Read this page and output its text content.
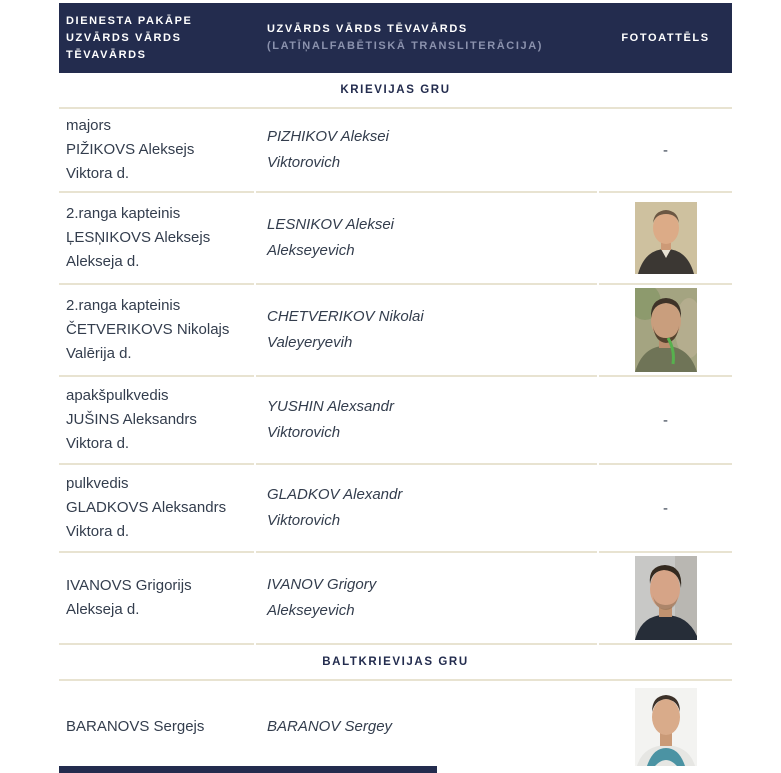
DIENESTA PAKĀPE
UZVĀRDS VĀRDS
TĒVAVĀRDS
UZVĀRDS VĀRDS TĒVAVĀRDS
(LATĪŅALFABĒTISKĀ TRANSLITERĀCIJA)
FOTOATTĒLS
KRIEVIJAS GRU
majors
PIŽIKOVS Aleksejs
Viktora d.
PIZHIKOV Aleksei
Viktorovich
-
2.ranga kapteinis
ĻESŅIKOVS Aleksejs
Alekseja d.
LESNIKOV Aleksei
Alekseyevich
2.ranga kapteinis
ČETVERIKOVS Nikolajs
Valērija d.
CHETVERIKOV Nikolai
Valeyeryevih
apakšpulkvedis
JUŠINS Aleksandrs
Viktora d.
YUSHIN Alexsandr
Viktorovich
-
pulkvedis
GLADKOVS Aleksandrs
Viktora d.
GLADKOV Alexandr
Viktorovich
-
IVANOVS Grigorijs
Alekseja d.
IVANOV Grigory
Alekseyevich
BALTKRIEVIJAS GRU
BARANOVS Sergejs	BARANOV Sergey
